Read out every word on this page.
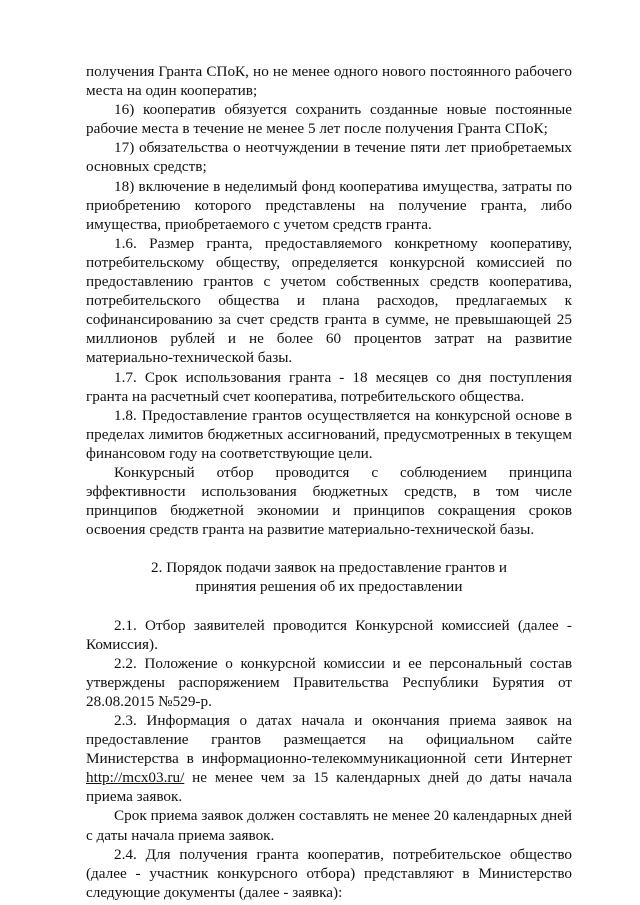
получения Гранта СПоК, но не менее одного нового постоянного рабочего места на один кооператив;

16) кооператив обязуется сохранить созданные новые постоянные рабочие места в течение не менее 5 лет после получения Гранта СПоК;

17) обязательства о неотчуждении в течение пяти лет приобретаемых основных средств;

18) включение в неделимый фонд кооператива имущества, затраты по приобретению которого представлены на получение гранта, либо имущества, приобретаемого с учетом средств гранта.

1.6. Размер гранта, предоставляемого конкретному кооперативу, потребительскому обществу, определяется конкурсной комиссией по предоставлению грантов с учетом собственных средств кооператива, потребительского общества и плана расходов, предлагаемых к софинансированию за счет средств гранта в сумме, не превышающей 25 миллионов рублей и не более 60 процентов затрат на развитие материально-технической базы.

1.7. Срок использования гранта - 18 месяцев со дня поступления гранта на расчетный счет кооператива, потребительского общества.

1.8. Предоставление грантов осуществляется на конкурсной основе в пределах лимитов бюджетных ассигнований, предусмотренных в текущем финансовом году на соответствующие цели.

Конкурсный отбор проводится с соблюдением принципа эффективности использования бюджетных средств, в том числе принципов бюджетной экономии и принципов сокращения сроков освоения средств гранта на развитие материально-технической базы.

2. Порядок подачи заявок на предоставление грантов и
принятия решения об их предоставлении

2.1. Отбор заявителей проводится Конкурсной комиссией (далее - Комиссия).

2.2. Положение о конкурсной комиссии и ее персональный состав утверждены распоряжением Правительства Республики Бурятия от 28.08.2015 №529-р.

2.3. Информация о датах начала и окончания приема заявок на предоставление грантов размещается на официальном сайте Министерства в информационно-телекоммуникационной сети Интернет http://mcx03.ru/ не менее чем за 15 календарных дней до даты начала приема заявок.

Срок приема заявок должен составлять не менее 20 календарных дней с даты начала приема заявок.

2.4. Для получения гранта кооператив, потребительское общество (далее - участник конкурсного отбора) представляют в Министерство следующие документы (далее - заявка):
